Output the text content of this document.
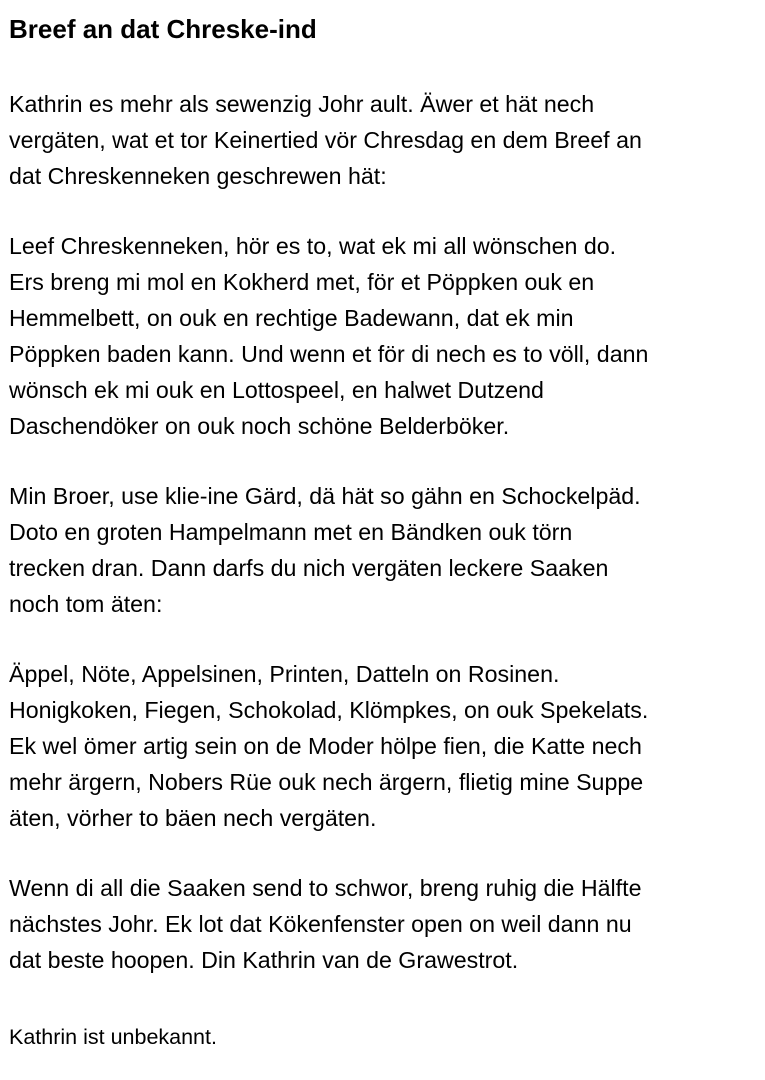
Breef an dat Chreske-ind
Kathrin es mehr als sewenzig Johr ault. Äwer et hät nech
vergäten, wat et tor Keinertied vör Chresdag en dem Breef an
dat Chreskenneken geschrewen hät:
Leef Chreskenneken, hör es to, wat ek mi all wönschen do.
Ers breng mi mol en Kokherd met, för et Pöppken ouk en
Hemmelbett, on ouk en rechtige Badewann, dat ek min
Pöppken baden kann. Und wenn et för di nech es to völl, dann
wönsch ek mi ouk en Lottospeel, en halwet Dutzend
Daschendöker on ouk noch schöne Belderböker.
Min Broer, use klie-ine Gärd, dä hät so gähn en Schockelpäd.
Doto en groten Hampelmann met en Bändken ouk törn
trecken dran. Dann darfs du nich vergäten leckere Saaken
noch tom äten:
Äppel, Nöte, Appelsinen, Printen, Datteln on Rosinen.
Honigkoken, Fiegen, Schokolad, Klömpkes, on ouk Spekelats.
Ek wel ömer artig sein on de Moder hölpe fien, die Katte nech
mehr ärgern, Nobers Rüe ouk nech ärgern, flietig mine Suppe
äten, vörher to bäen nech vergäten.
Wenn di all die Saaken send to schwor, breng ruhig die Hälfte
nächstes Johr. Ek lot dat Kökenfenster open on weil dann nu
dat beste hoopen. Din Kathrin van de Grawestrot.
Kathrin ist unbekannt.
